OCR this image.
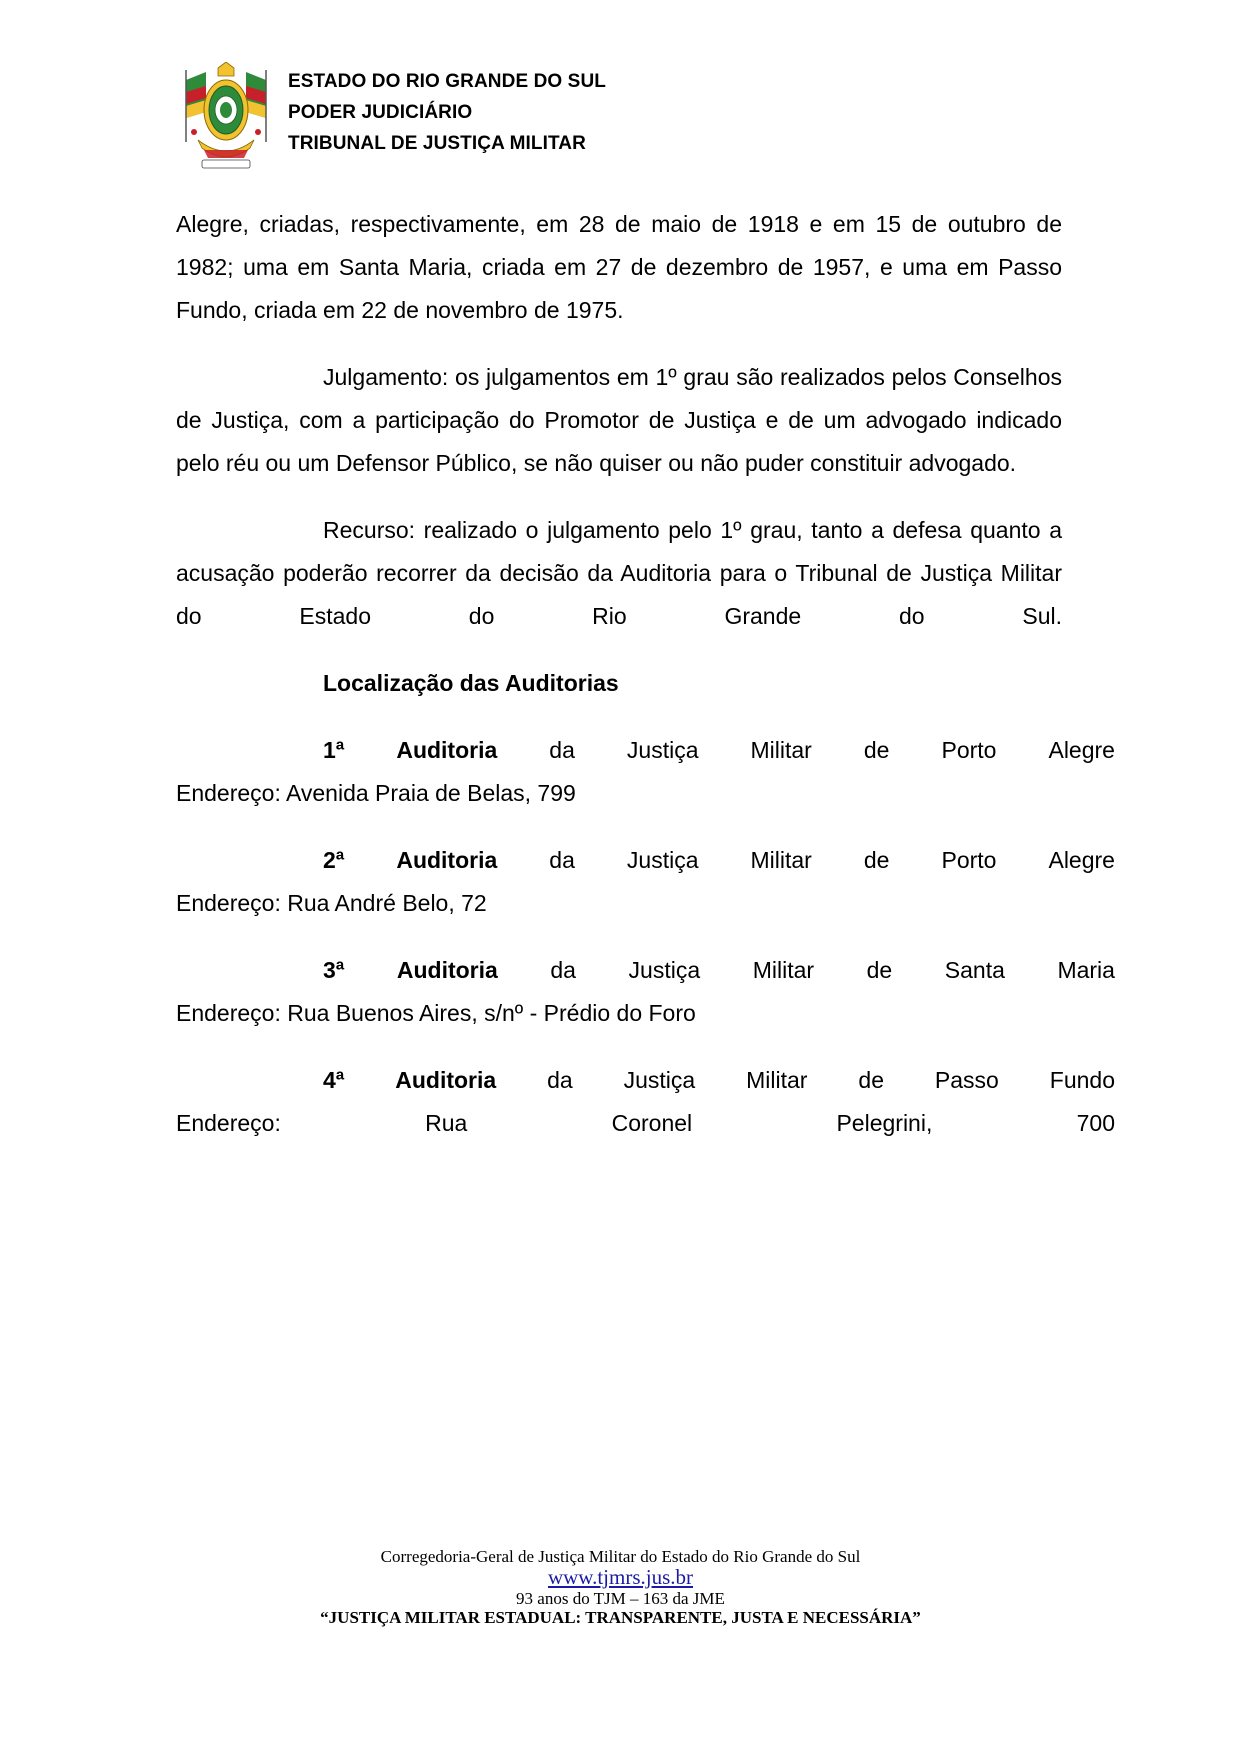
ESTADO DO RIO GRANDE DO SUL
PODER JUDICIÁRIO
TRIBUNAL DE JUSTIÇA MILITAR

Alegre, criadas, respectivamente, em 28 de maio de 1918 e em 15 de outubro de 1982; uma em Santa Maria, criada em 27 de dezembro de 1957, e uma em Passo Fundo, criada em 22 de novembro de 1975.

Julgamento: os julgamentos em 1º grau são realizados pelos Conselhos de Justiça, com a participação do Promotor de Justiça e de um advogado indicado pelo réu ou um Defensor Público, se não quiser ou não puder constituir advogado.

Recurso: realizado o julgamento pelo 1º grau, tanto a defesa quanto a acusação poderão recorrer da decisão da Auditoria para o Tribunal de Justiça Militar do Estado do Rio Grande do Sul.

Localização das Auditorias
1ª Auditoria da Justiça Militar de Porto Alegre
Endereço: Avenida Praia de Belas, 799
2ª Auditoria da Justiça Militar de Porto Alegre
Endereço: Rua André Belo, 72
3ª Auditoria da Justiça Militar de Santa Maria
Endereço: Rua Buenos Aires, s/nº - Prédio do Foro
4ª Auditoria da Justiça Militar de Passo Fundo
Endereço:	Rua	Coronel	Pelegrini,	700
Corregedoria-Geral de Justiça Militar do Estado do Rio Grande do Sul
www.tjmrs.jus.br
93 anos do TJM – 163 da JME
“JUSTIÇA MILITAR ESTADUAL: TRANSPARENTE, JUSTA E NECESSÁRIA”
